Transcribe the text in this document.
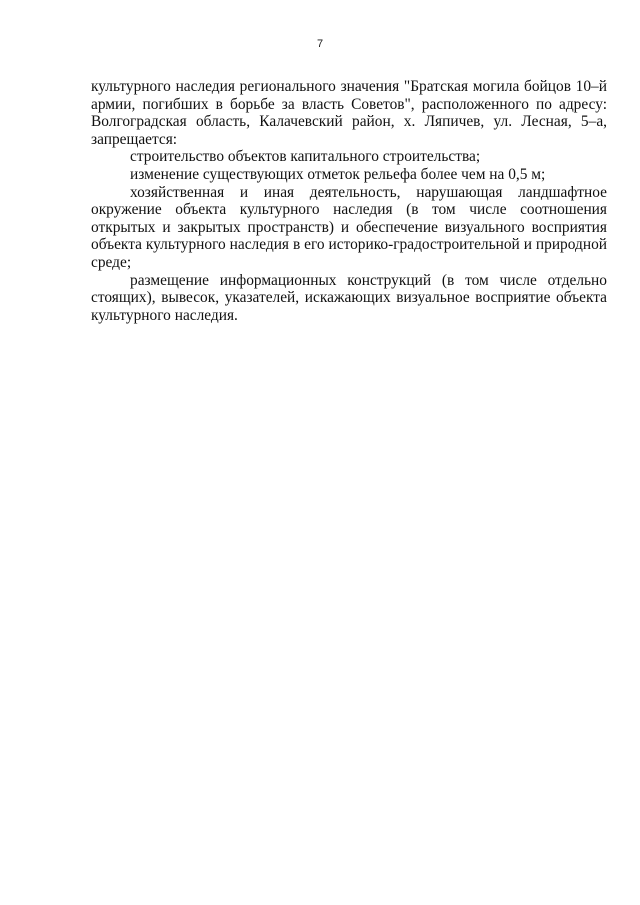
7

культурного наследия регионального значения "Братская могила бойцов 10–й армии, погибших в борьбе за власть Советов", расположенного по адресу: Волгоградская область, Калачевский район, х. Ляпичев, ул. Лесная, 5–а, запрещается:

строительство объектов капитального строительства;

изменение существующих отметок рельефа более чем на 0,5 м;

хозяйственная и иная деятельность, нарушающая ландшафтное окружение объекта культурного наследия (в том числе соотношения открытых и закрытых пространств) и обеспечение визуального восприятия объекта культурного наследия в его историко-градостроительной и природной среде;

размещение информационных конструкций (в том числе отдельно стоящих), вывесок, указателей, искажающих визуальное восприятие объекта культурного наследия.
